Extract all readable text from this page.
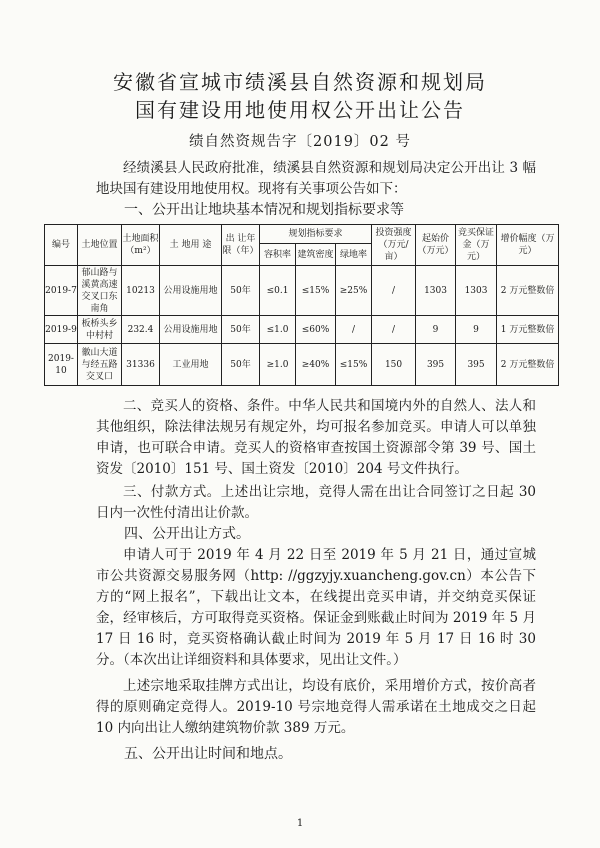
安徽省宣城市绩溪县自然资源和规划局
国有建设用地使用权公开出让公告
绩自然资规告字〔2019〕02 号
经绩溪县人民政府批准，绩溪县自然资源和规划局决定公开出让 3 幅地块国有建设用地使用权。现将有关事项公告如下：
一、公开出让地块基本情况和规划指标要求等
编号	土地位置	土地面积（m²）	土 地用 途	出 让年 限（年）	规划指标要求			投资强度（万元/亩）	起始价（万元）	竞买保证金（万元）	增价幅度（万元）
					容积率	建筑密度	绿地率				
2019-7	郁山路与溪黄高速交叉口东南角	10213	公用设施用地	50年	≤0.1	≤15%	≥25%	/	1303	1303	2 万元整数倍
2019-9	板桥头乡中村村	232.4	公用设施用地	50年	≤1.0	≤60%	/	/	9	9	1 万元整数倍
2019-10	徽山大道与经五路交叉口	31336	工业用地	50年	≥1.0	≥40%	≤15%	150	395	395	2 万元整数倍
二、竞买人的资格、条件。中华人民共和国境内外的自然人、法人和其他组织，除法律法规另有规定外，均可报名参加竞买。申请人可以单独申请，也可联合申请。竞买人的资格审查按国土资源部令第 39 号、国土资发〔2010〕151 号、国土资发〔2010〕204 号文件执行。
三、付款方式。上述出让宗地，竞得人需在出让合同签订之日起 30 日内一次性付清出让价款。
四、公开出让方式。
申请人可于 2019 年 4 月 22 日至 2019 年 5 月 21 日，通过宣城市公共资源交易服务网（http: //ggzyjy.xuancheng.gov.cn）本公告下方的“网上报名”，下载出让文本，在线提出竞买申请，并交纳竞买保证金，经审核后，方可取得竞买资格。保证金到账截止时间为 2019 年 5 月 17 日 16 时，竞买资格确认截止时间为 2019 年 5 月 17 日 16 时 30 分。（本次出让详细资料和具体要求，见出让文件。）
上述宗地采取挂牌方式出让，均设有底价，采用增价方式，按价高者得的原则确定竞得人。2019-10 号宗地竞得人需承诺在土地成交之日起 10 内向出让人缴纳建筑物价款 389 万元。
五、公开出让时间和地点。
1
